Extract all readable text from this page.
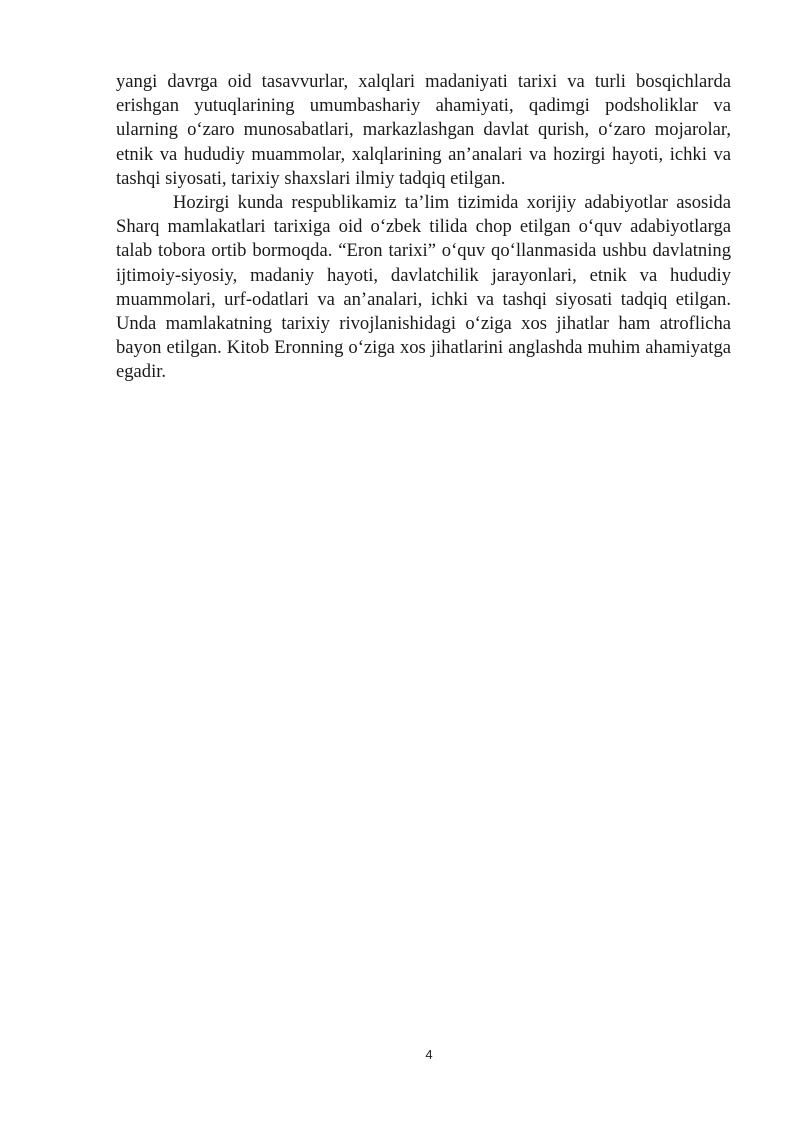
yangi davrga oid tasavvurlar, xalqlari madaniyati tarixi va turli bosqichlarda erishgan yutuqlarining umumbashariy ahamiyati, qadimgi podsholiklar va ularning o‘zaro munosabatlari, markazlashgan davlat qurish, o‘zaro mojarolar, etnik va hududiy muammolar, xalqlarining an’analari va hozirgi hayoti, ichki va tashqi siyosati, tarixiy shaxslari ilmiy tadqiq etilgan.

Hozirgi kunda respublikamiz ta’lim tizimida xorijiy adabiyotlar asosida Sharq mamlakatlari tarixiga oid o‘zbek tilida chop etilgan o‘quv adabiyotlarga talab tobora ortib bormoqda. “Eron tarixi” o‘quv qo‘llanmasida ushbu davlatning ijtimoiy-siyosiy, madaniy hayoti, davlatchilik jarayonlari, etnik va hududiy muammolari, urf-odatlari va an’analari, ichki va tashqi siyosati tadqiq etilgan. Unda mamlakatning tarixiy rivojlanishidagi o‘ziga xos jihatlar ham atroflicha bayon etilgan. Kitob Eronning o‘ziga xos jihatlarini anglashda muhim ahamiyatga egadir.

4
